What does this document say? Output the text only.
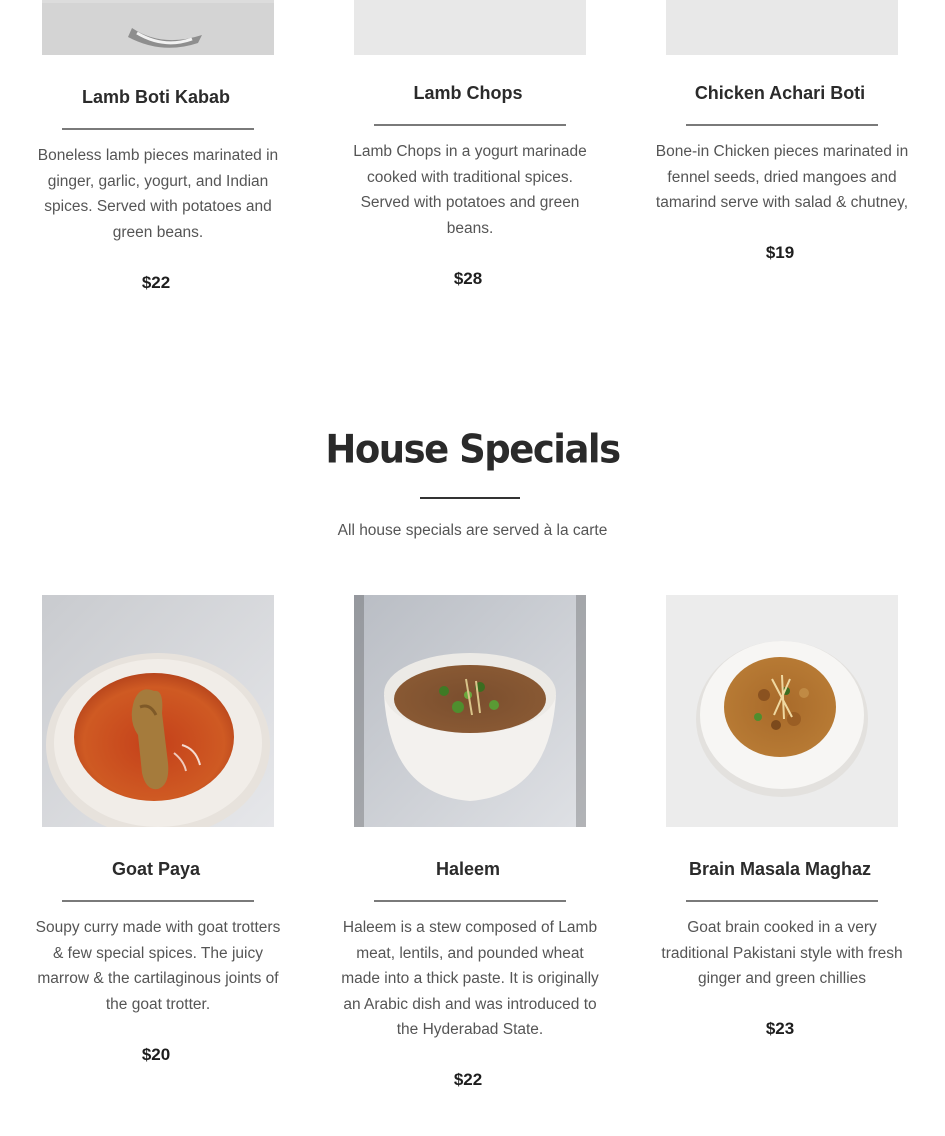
Lamb Boti Kabab
Boneless lamb pieces marinated in ginger, garlic, yogurt, and Indian spices. Served with potatoes and green beans.
$22
Lamb Chops
Lamb Chops in a yogurt marinade cooked with traditional spices. Served with potatoes and green beans.
$28
Chicken Achari Boti
Bone-in Chicken pieces marinated in fennel seeds, dried mangoes and tamarind serve with salad & chutney,
$19
House Specials
All house specials are served à la carte
Goat Paya
Soupy curry made with goat trotters & few special spices. The juicy marrow & the cartilaginous joints of the goat trotter.
$20
Haleem
Haleem is a stew composed of Lamb meat, lentils, and pounded wheat made into a thick paste. It is originally an Arabic dish and was introduced to the Hyderabad State.
$22
Brain Masala Maghaz
Goat brain cooked in a very traditional Pakistani style with fresh ginger and green chillies
$23
